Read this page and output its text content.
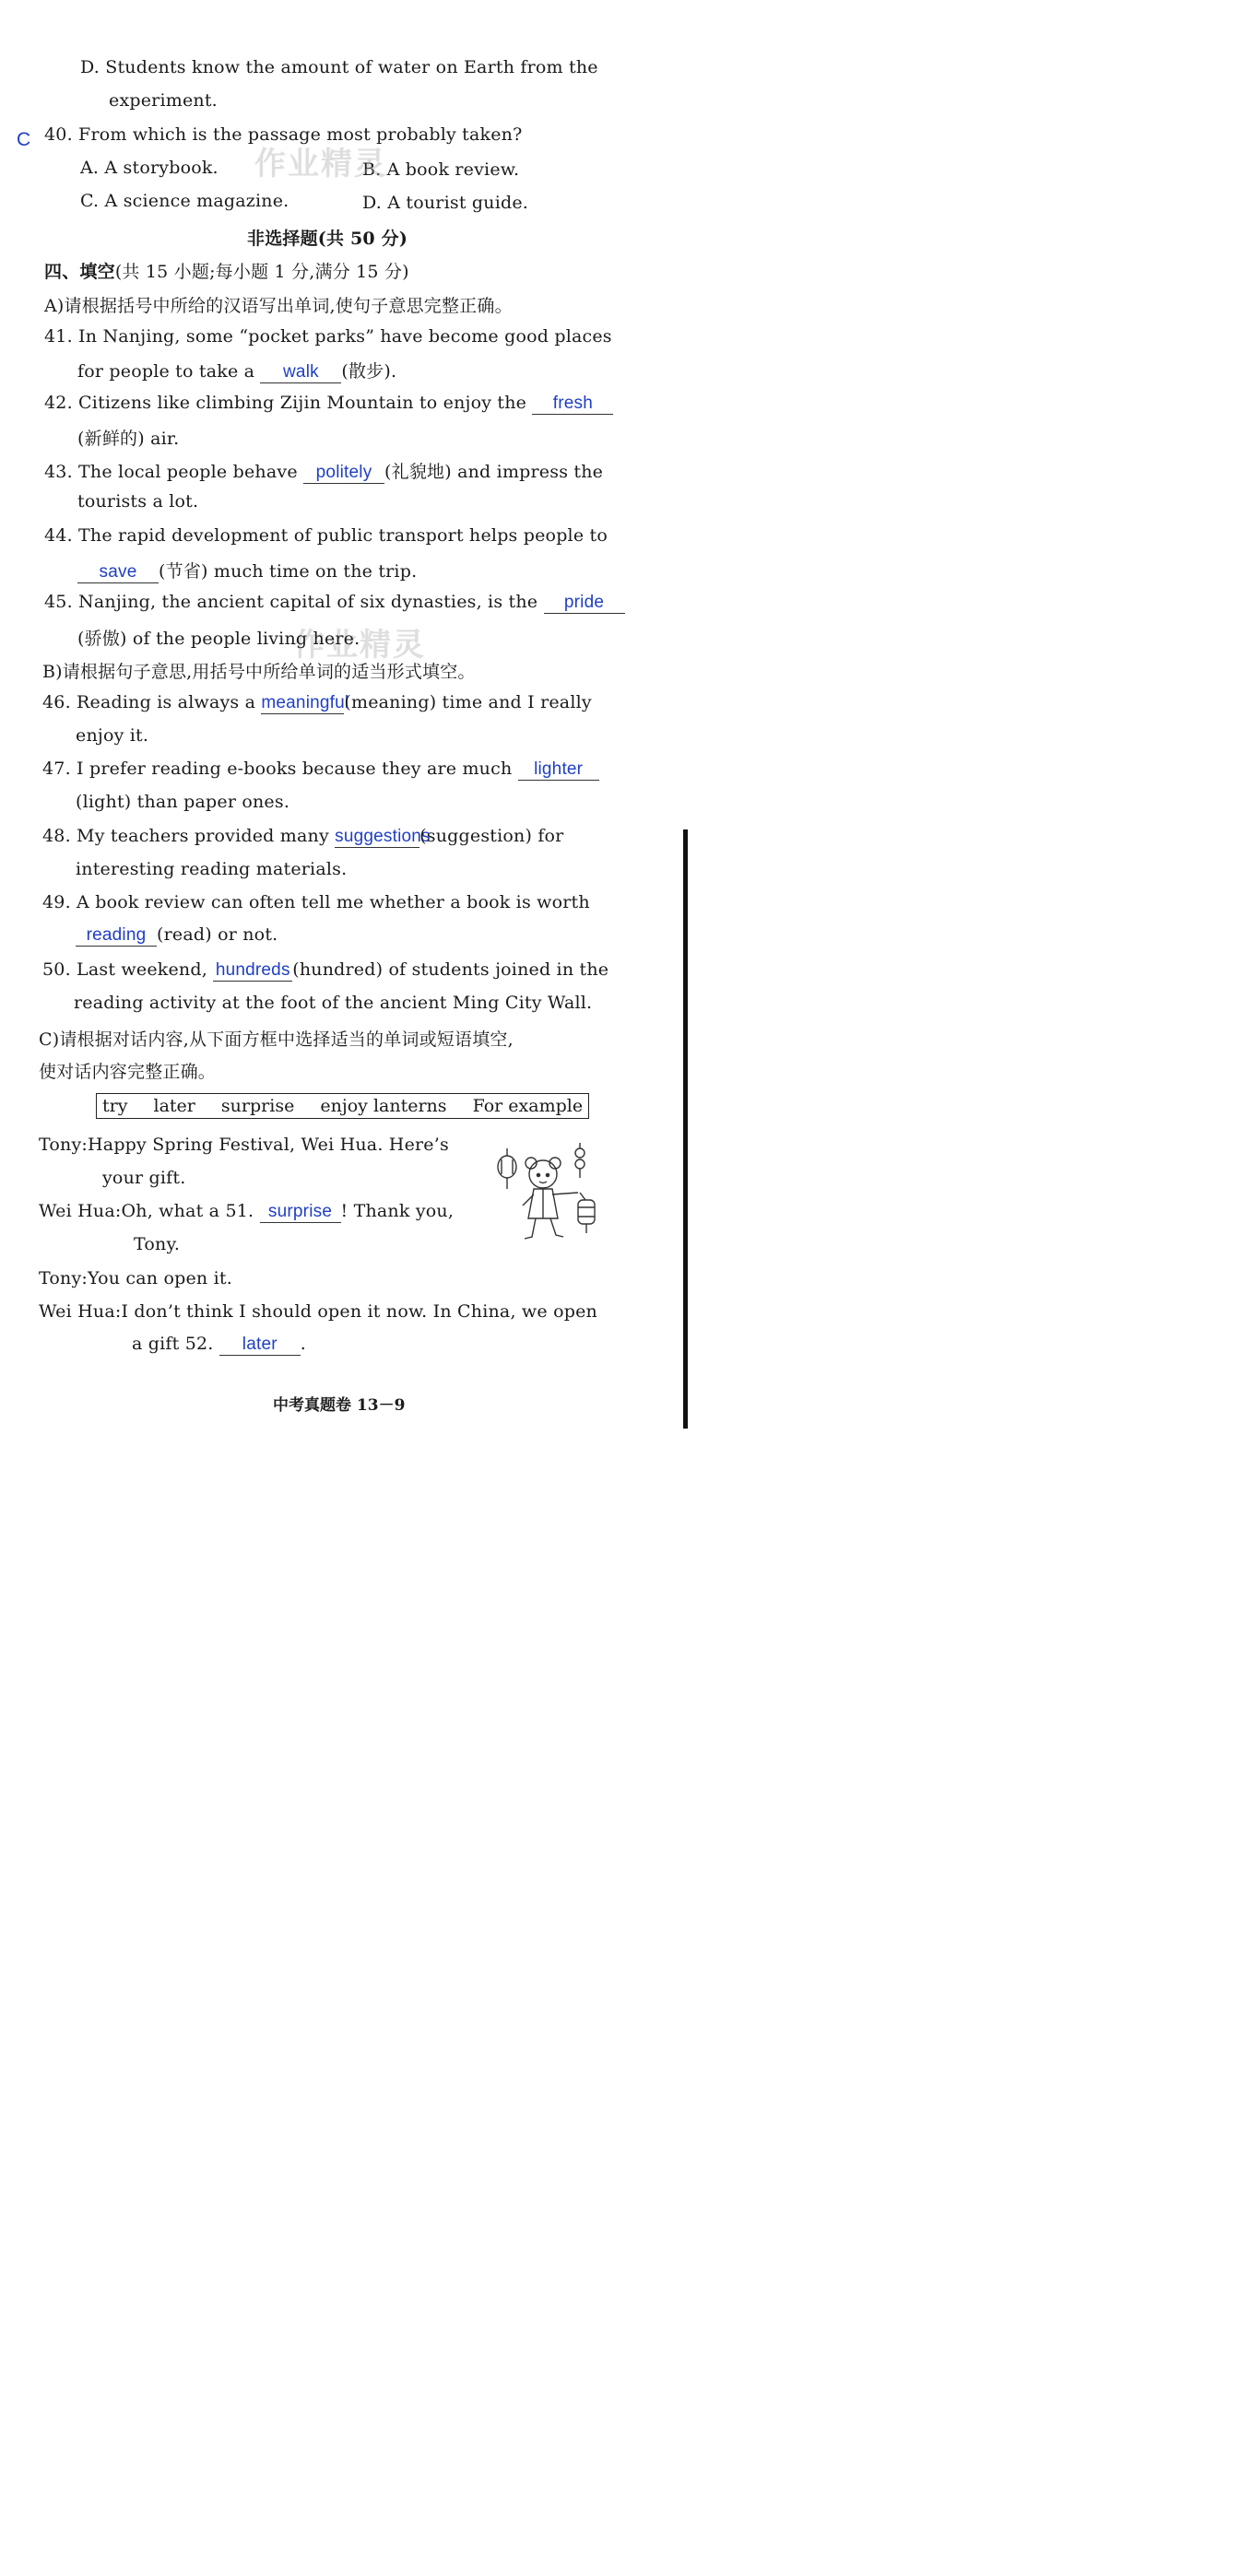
D. Students know the amount of water on Earth from the
experiment.
C 40. From which is the passage most probably taken?
A. A storybook.	B. A book review.
C. A science magazine.	D. A tourist guide.
作业精灵
作业精灵
非选择题(共 50 分)
四、填空(共 15 小题;每小题 1 分,满分 15 分)
A)请根据括号中所给的汉语写出单词,使句子意思完整正确。
41. In Nanjing, some “pocket parks” have become good places
for people to take a walk (散步).
42. Citizens like climbing Zijin Mountain to enjoy the fresh
(新鲜的) air.
43. The local people behave politely (礼貌地) and impress the
tourists a lot.
44. The rapid development of public transport helps people to
save (节省) much time on the trip.
45. Nanjing, the ancient capital of six dynasties, is the pride
(骄傲) of the people living here.
B)请根据句子意思,用括号中所给单词的适当形式填空。
46. Reading is always a meaningful(meaning) time and I really
enjoy it.
47. I prefer reading e-books because they are much lighter
(light) than paper ones.
48. My teachers provided many suggestions(suggestion) for
interesting reading materials.
49. A book review can often tell me whether a book is worth
reading (read) or not.
50. Last weekend, hundreds (hundred) of students joined in the
reading activity at the foot of the ancient Ming City Wall.
C)请根据对话内容,从下面方框中选择适当的单词或短语填空,
使对话内容完整正确。
try later surprise enjoy lanterns For example
Tony:Happy Spring Festival, Wei Hua. Here’s
your gift.
Wei Hua:Oh, what a 51. surprise ! Thank you,
Tony.
Tony:You can open it.
Wei Hua:I don’t think I should open it now. In China, we open
a gift 52. later .
中考真题卷 13－9
